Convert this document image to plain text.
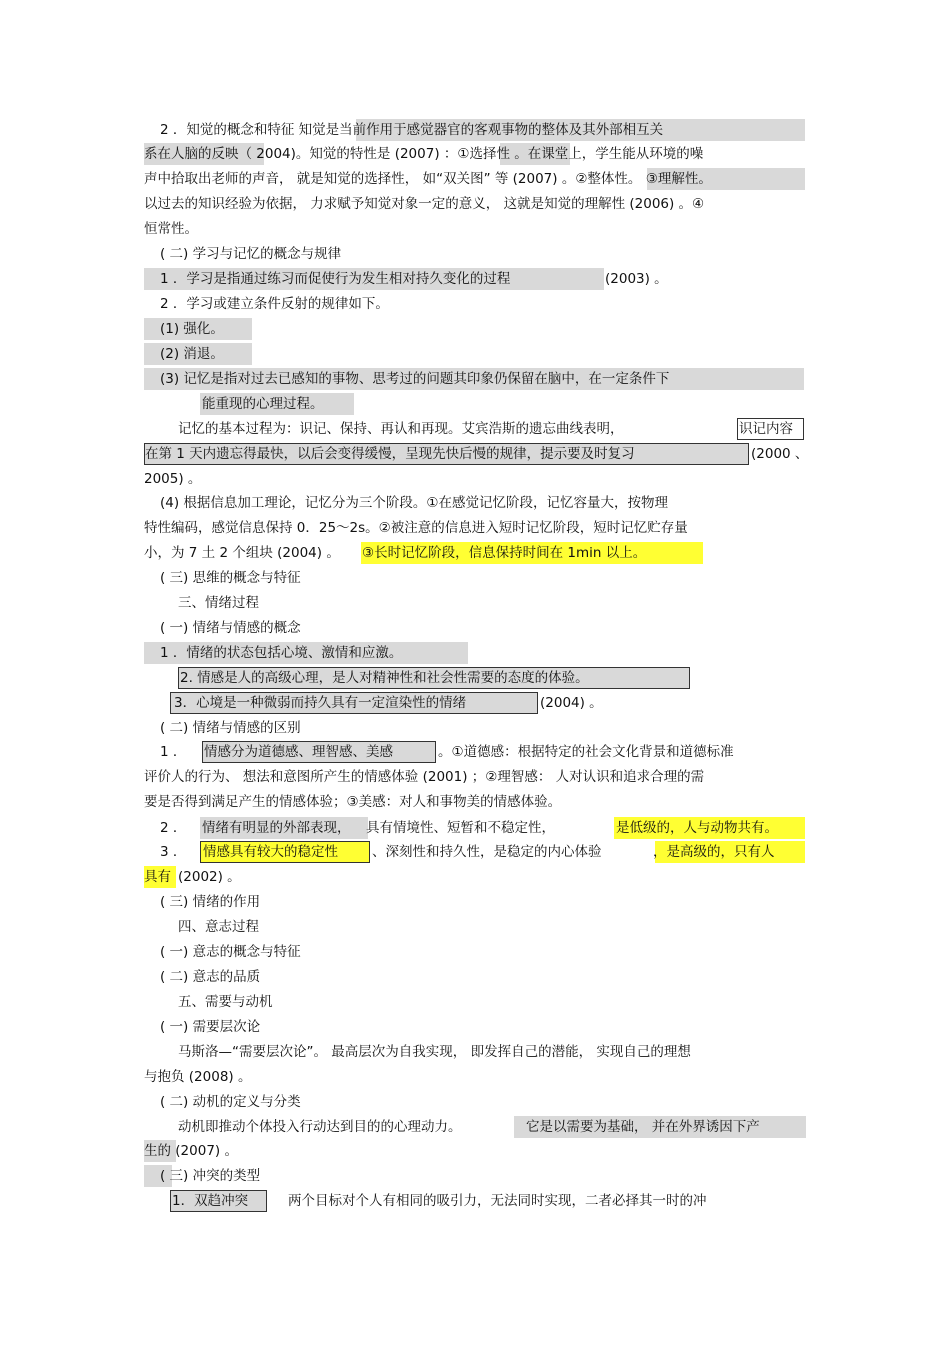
2 ．知觉的概念和特征 知觉是当前作用于感觉器官的客观事物的整体及其外部相互关
系在人脑的反映（ 2004)。知觉的特性是 (2007) ：①选择性 。在课堂上，学生能从环境的噪
声中拾取出老师的声音， 就是知觉的选择性， 如“双关图” 等 (2007) 。②整体性。 ③理解性。
以过去的知识经验为依据， 力求赋予知觉对象一定的意义， 这就是知觉的理解性 (2006) 。④
恒常性。
( 二) 学习与记忆的概念与规律
1 ．学习是指通过练习而促使行为发生相对持久变化的过程	(2003) 。
2 ．学习或建立条件反射的规律如下。
(1) 强化。
(2) 消退。
(3) 记忆是指对过去已感知的事物、思考过的问题其印象仍保留在脑中，在一定条件下
能重现的心理过程。
记忆的基本过程为：识记、保持、再认和再现。艾宾浩斯的遗忘曲线表明，	识记内容
在第 1 天内遗忘得最快，以后会变得缓慢，呈现先快后慢的规律，提示要及时复习	(2000 、
2005) 。
(4) 根据信息加工理论，记忆分为三个阶段。①在感觉记忆阶段，记忆容量大，按物理
特性编码，感觉信息保持 0．25～2s。②被注意的信息进入短时记忆阶段，短时记忆贮存量
小，为 7 土 2 个组块 (2004) 。 ③长时记忆阶段，信息保持时间在 1min 以上。
( 三) 思维的概念与特征
三、情绪过程
( 一) 情绪与情感的概念
1 ．情绪的状态包括心境、激情和应激。
2. 情感是人的高级心理，是人对精神性和社会性需要的态度的体验。
3．心境是一种微弱而持久具有一定渲染性的情绪	(2004) 。
( 二) 情绪与情感的区别
1 ． 情感分为道德感、理智感、美感	。①道德感：根据特定的社会文化背景和道德标准
评价人的行为、 想法和意图所产生的情感体验 (2001) ；②理智感： 人对认识和追求合理的需
要是否得到满足产生的情感体验；③美感：对人和事物美的情感体验。
2 ． 情绪有明显的外部表现， 具有情境性、短暂和不稳定性，	是低级的，人与动物共有。
3 ． 情感具有较大的稳定性	、深刻性和持久性，是稳定的内心体验	，是高级的，只有人
具有 (2002) 。
( 三) 情绪的作用
四、意志过程
( 一) 意志的概念与特征
( 二) 意志的品质
五、需要与动机
( 一) 需要层次论
马斯洛—“需要层次论”。 最高层次为自我实现， 即发挥自己的潜能， 实现自己的理想
与抱负 (2008) 。
( 二) 动机的定义与分类
动机即推动个体投入行动达到目的的心理动力。	它是以需要为基础， 并在外界诱因下产
生的 (2007) 。
( 三) 冲突的类型
1．双趋冲突	两个目标对个人有相同的吸引力，无法同时实现，二者必择其一时的冲
